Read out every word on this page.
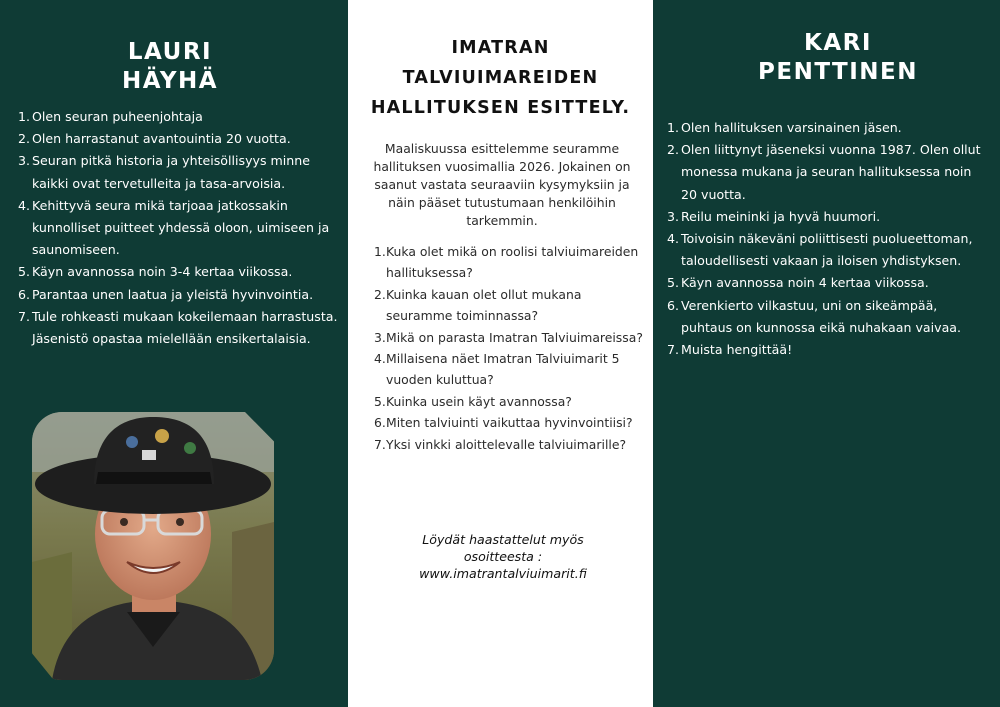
LAURI
HÄYHÄ
1. Olen seuran puheenjohtaja
2. Olen harrastanut avantouintia 20 vuotta.
3. Seuran pitkä historia ja yhteisöllisyys minne kaikki ovat tervetulleita ja tasa-arvoisia.
4. Kehittyvä seura mikä tarjoaa jatkossakin kunnolliset puitteet yhdessä oloon, uimiseen ja saunomiseen.
5. Käyn avannossa noin 3-4 kertaa viikossa.
6. Parantaa unen laatua ja yleistä hyvinvointia.
7. Tule rohkeasti mukaan kokeilemaan harrastusta. Jäsenistö opastaa mielellään ensikertalaisia.
IMATRAN
TALVIUIMAREIDEN
HALLITUKSEN ESITTELY.

Maaliskuussa esittelemme seuramme hallituksen vuosimallia 2026. Jokainen on saanut vastata seuraaviin kysymyksiin ja näin pääset tutustumaan henkilöihin tarkemmin.

1. Kuka olet mikä on roolisi talviuimareiden hallituksessa?
2. Kuinka kauan olet ollut mukana seuramme toiminnassa?
3. Mikä on parasta Imatran Talviuimareissa?
4. Millaisena näet Imatran Talviuimarit 5 vuoden kuluttua?
5. Kuinka usein käyt avannossa?
6. Miten talviuinti vaikuttaa hyvinvointiisi?
7. Yksi vinkki aloittelevalle talviuimarille?

Löydät haastattelut myös
osoitteesta :
www.imatrantalviuimarit.fi

KARI
PENTTINEN
1. Olen hallituksen varsinainen jäsen.
2. Olen liittynyt jäseneksi vuonna 1987. Olen ollut monessa mukana ja seuran hallituksessa noin 20 vuotta.
3. Reilu meininki ja hyvä huumori.
4. Toivoisin näkeväni poliittisesti puolueettoman, taloudellisesti vakaan ja iloisen yhdistyksen.
5. Käyn avannossa noin 4 kertaa viikossa.
6. Verenkierto vilkastuu, uni on sikeämpää, puhtaus on kunnossa eikä nuhakaan vaivaa.
7. Muista hengittää!
